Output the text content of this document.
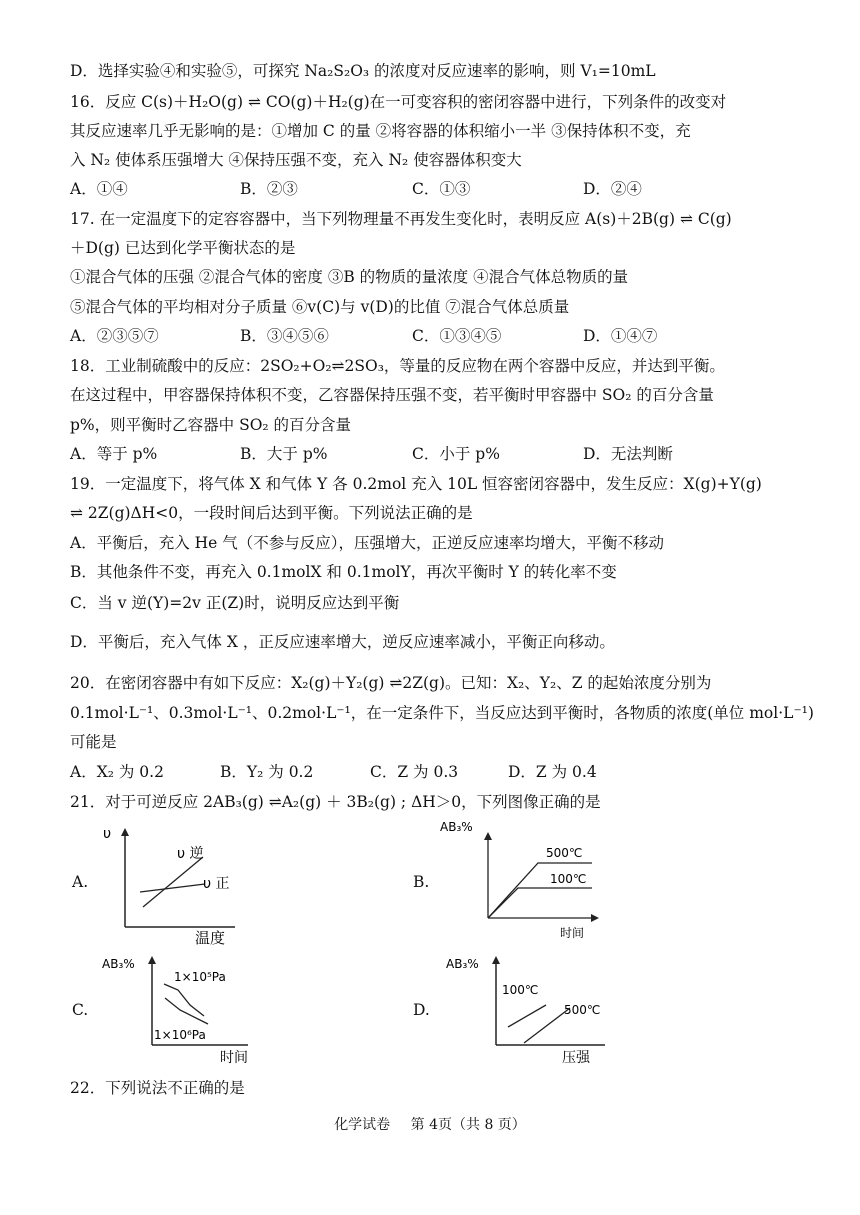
D．选择实验④和实验⑤，可探究 Na₂S₂O₃ 的浓度对反应速率的影响，则 V₁=10mL
16．反应 C(s)＋H₂O(g) ⇌ CO(g)＋H₂(g)在一可变容积的密闭容器中进行，下列条件的改变对
其反应速率几乎无影响的是：①增加 C 的量 ②将容器的体积缩小一半 ③保持体积不变，充
入 N₂ 使体系压强增大 ④保持压强不变，充入 N₂ 使容器体积变大
A．①④	B．②③	C．①③	D．②④
17. 在一定温度下的定容容器中，当下列物理量不再发生变化时，表明反应 A(s)＋2B(g) ⇌ C(g)
＋D(g) 已达到化学平衡状态的是
①混合气体的压强 ②混合气体的密度 ③B 的物质的量浓度 ④混合气体总物质的量
⑤混合气体的平均相对分子质量 ⑥v(C)与 v(D)的比值 ⑦混合气体总质量
A．②③⑤⑦	B．③④⑤⑥	C．①③④⑤	D．①④⑦
18．工业制硫酸中的反应：2SO₂+O₂⇌2SO₃，等量的反应物在两个容器中反应，并达到平衡。
在这过程中，甲容器保持体积不变，乙容器保持压强不变，若平衡时甲容器中 SO₂ 的百分含量
p%，则平衡时乙容器中 SO₂ 的百分含量
A．等于 p%	B．大于 p%	C．小于 p%	D．无法判断
19．一定温度下，将气体 X 和气体 Y 各 0.2mol 充入 10L 恒容密闭容器中，发生反应：X(g)+Y(g)
⇌ 2Z(g)ΔH<0，一段时间后达到平衡。下列说法正确的是
A．平衡后，充入 He 气（不参与反应），压强增大，正逆反应速率均增大，平衡不移动
B．其他条件不变，再充入 0.1molX 和 0.1molY，再次平衡时 Y 的转化率不变
C．当 v 逆(Y)=2v 正(Z)时，说明反应达到平衡
D．平衡后，充入气体 X ，正反应速率增大，逆反应速率减小，平衡正向移动。
20．在密闭容器中有如下反应：X₂(g)＋Y₂(g) ⇌2Z(g)。已知：X₂、Y₂、Z 的起始浓度分别为
0.1mol·L⁻¹、0.3mol·L⁻¹、0.2mol·L⁻¹，在一定条件下，当反应达到平衡时，各物质的浓度(单位 mol·L⁻¹)
可能是
A．X₂ 为 0.2	B．Y₂ 为 0.2	C．Z 为 0.3	D．Z 为 0.4
21．对于可逆反应 2AB₃(g) ⇌A₂(g) ＋ 3B₂(g) ; ΔH＞0，下列图像正确的是
A.
υ
温度
υ 逆
υ 正	B.
AB₃%
时间
500℃
100℃
C.
AB₃%
时间
1×10⁵Pa
1×10⁶Pa
D.
AB₃%
压强
100℃
500℃
22．下列说法不正确的是
化学试卷 第 4页（共 8 页）
